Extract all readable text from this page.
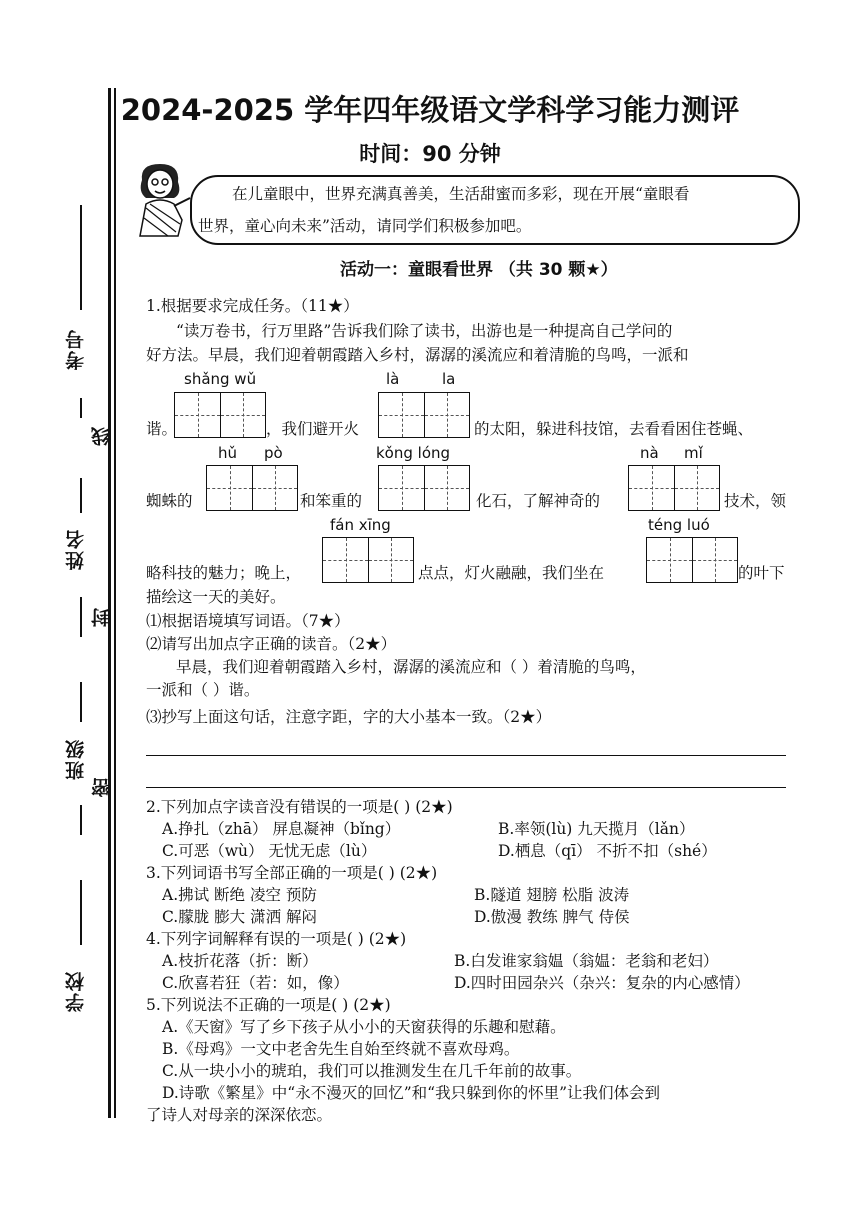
考号
线
姓名
封
班级
密
学校
2024-2025 学年四年级语文学科学习能力测评
时间：90 分钟
在儿童眼中，世界充满真善美，生活甜蜜而多彩，现在开展“童眼看
世界，童心向未来”活动，请同学们积极参加吧。
活动一：童眼看世界 （共 30 颗★）
1.根据要求完成任务。（11★）
“读万卷书，行万里路”告诉我们除了读书，出游也是一种提高自己学问的
好方法。早晨，我们迎着朝霞踏入乡村，潺潺的溪流应和着清脆的鸟鸣，一派和
shǎng wǔ	là	la
谐。	，我们避开火	的太阳，躲进科技馆，去看看困住苍蝇、
hǔ pò	kǒng lóng	nà mǐ
蜘蛛的	和笨重的	化石，了解神奇的	技术，领
fán xīng	téng luó
略科技的魅力；晚上，	点点，灯火融融，我们坐在	的叶下
描绘这一天的美好。
⑴根据语境填写词语。（7★）
⑵请写出加点字正确的读音。（2★）
早晨，我们迎着朝霞踏入乡村，潺潺的溪流应和（ ）着清脆的鸟鸣，
一派和（ ）谐。
⑶抄写上面这句话，注意字距，字的大小基本一致。（2★）
2.下列加点字读音没有错误的一项是( ) (2★)
A.挣扎（zhā） 屏息凝神（bǐng）	B.率领(lù) 九天揽月（lǎn）
C.可恶（wù） 无忧无虑（lù）	D.栖息（qī） 不折不扣（shé）
3.下列词语书写全部正确的一项是( ) (2★)
A.拂试 断绝 凌空 预防	B.隧道 翅膀 松脂 波涛
C.朦胧 膨大 潇洒 解闷	D.傲漫 教练 脾气 侍侯
4.下列字词解释有误的一项是( ) (2★)
A.枝折花落（折：断）	B.白发谁家翁媪（翁媪：老翁和老妇）
C.欣喜若狂（若：如，像）	D.四时田园杂兴（杂兴：复杂的内心感情）
5.下列说法不正确的一项是( ) (2★)
A.《天窗》写了乡下孩子从小小的天窗获得的乐趣和慰藉。
B.《母鸡》一文中老舍先生自始至终就不喜欢母鸡。
C.从一块小小的琥珀，我们可以推测发生在几千年前的故事。
D.诗歌《繁星》中“永不漫灭的回忆”和“我只躲到你的怀里”让我们体会到
了诗人对母亲的深深依恋。
